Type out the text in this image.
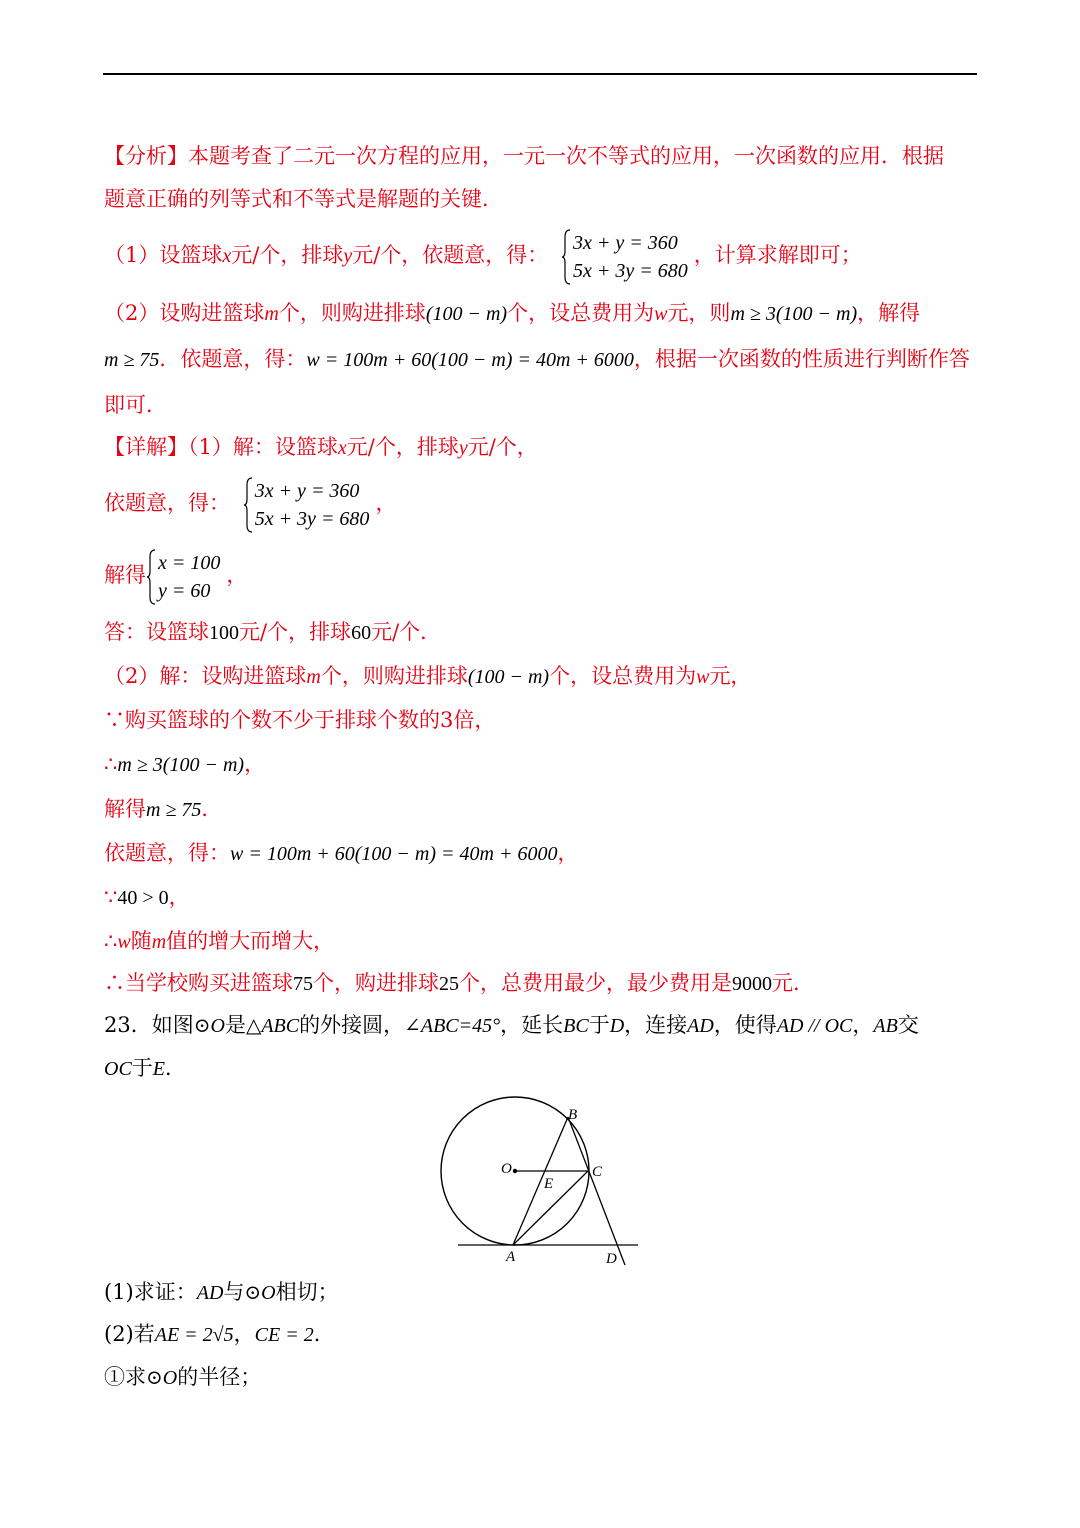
【分析】本题考查了二元一次方程的应用，一元一次不等式的应用，一次函数的应用．根据
题意正确的列等式和不等式是解题的关键．
（1）设篮球x元/个，排球y元/个，依题意，得：
3x + y = 360
5x + 3y = 680
，计算求解即可；
（2）设购进篮球m个，则购进排球(100 − m)个，设总费用为w元，则m ≥ 3(100 − m)，解得
m ≥ 75．依题意，得：w = 100m + 60(100 − m) = 40m + 6000，根据一次函数的性质进行判断作答
即可．
【详解】（1）解：设篮球x元/个，排球y元/个，
依题意，得：
3x + y = 360
5x + 3y = 680
，
解得
x = 100
y = 60
，
答：设篮球100元/个，排球60元/个．
（2）解：设购进篮球m个，则购进排球(100 − m)个，设总费用为w元，
∵购买篮球的个数不少于排球个数的3倍，
∴m ≥ 3(100 − m)，
解得m ≥ 75．
依题意，得：w = 100m + 60(100 − m) = 40m + 6000，
∵40 > 0，
∴w随m值的增大而增大，
∴当学校购买进篮球75个，购进排球25个，总费用最少，最少费用是9000元．
23．如图⊙O是△ABC的外接圆，∠ABC=45°，延长BC于D，连接AD，使得AD // OC，AB交
OC于E．
B
O	C
E
A	D
(1)求证：AD与⊙O相切；
(2)若AE = 2√5，CE = 2．
①求⊙O的半径；
